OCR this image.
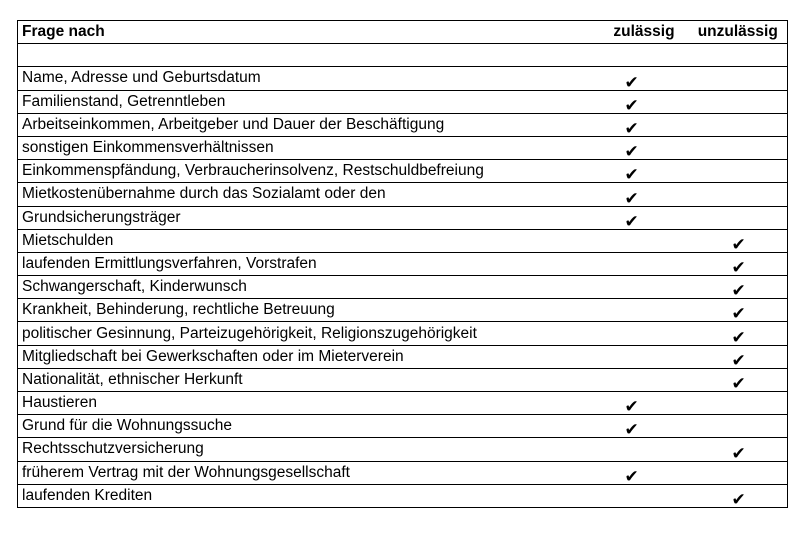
Frage nach	zulässig	unzulässig

Name, Adresse und Geburtsdatum	✔	
Familienstand, Getrenntleben	✔	
Arbeitseinkommen, Arbeitgeber und Dauer der Beschäftigung	✔	
sonstigen Einkommensverhältnissen	✔	
Einkommenspfändung, Verbraucherinsolvenz, Restschuldbefreiung	✔	
Mietkostenübernahme durch das Sozialamt oder den	✔	
Grundsicherungsträger	✔	
Mietschulden		✔
laufenden Ermittlungsverfahren, Vorstrafen		✔
Schwangerschaft, Kinderwunsch		✔
Krankheit, Behinderung, rechtliche Betreuung		✔
politischer Gesinnung, Parteizugehörigkeit, Religionszugehörigkeit		✔
Mitgliedschaft bei Gewerkschaften oder im Mieterverein		✔
Nationalität, ethnischer Herkunft		✔
Haustieren	✔	
Grund für die Wohnungssuche	✔	
Rechtsschutzversicherung		✔
früherem Vertrag mit der Wohnungsgesellschaft	✔	
laufenden Krediten		✔
